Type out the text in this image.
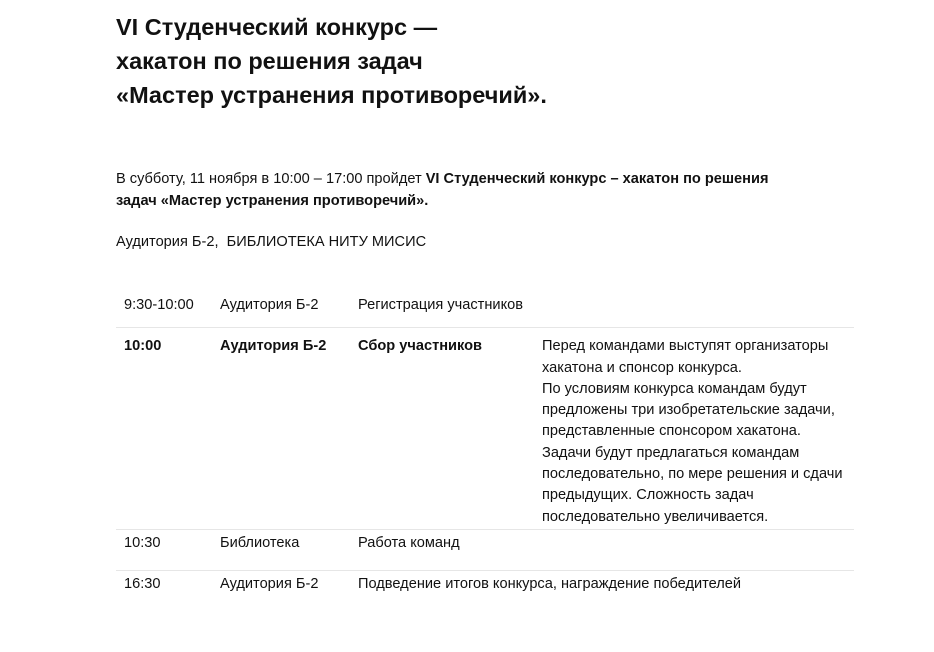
VI Студенческий конкурс —
хакатон по решения задач
«Мастер устранения противоречий».
В субботу, 11 ноября в 10:00 – 17:00 пройдет VI Студенческий конкурс – хакатон по решения
задач «Мастер устранения противоречий».
Аудитория Б-2,  БИБЛИОТЕКА НИТУ МИСИС
9:30-10:00	Аудитория Б-2	Регистрация участников
10:00	Аудитория Б-2	Сбор участников	Перед командами выступят организаторы хакатона и спонсор конкурса.

По условиям конкурса командам будут предложены три изобретательские задачи, представленные спонсором хакатона.

Задачи будут предлагаться командам последовательно, по мере решения и сдачи предыдущих. Сложность задач последовательно увеличивается.

10:30	Библиотека	Работа команд
16:30	Аудитория Б-2	Подведение итогов конкурса, награждение победителей
